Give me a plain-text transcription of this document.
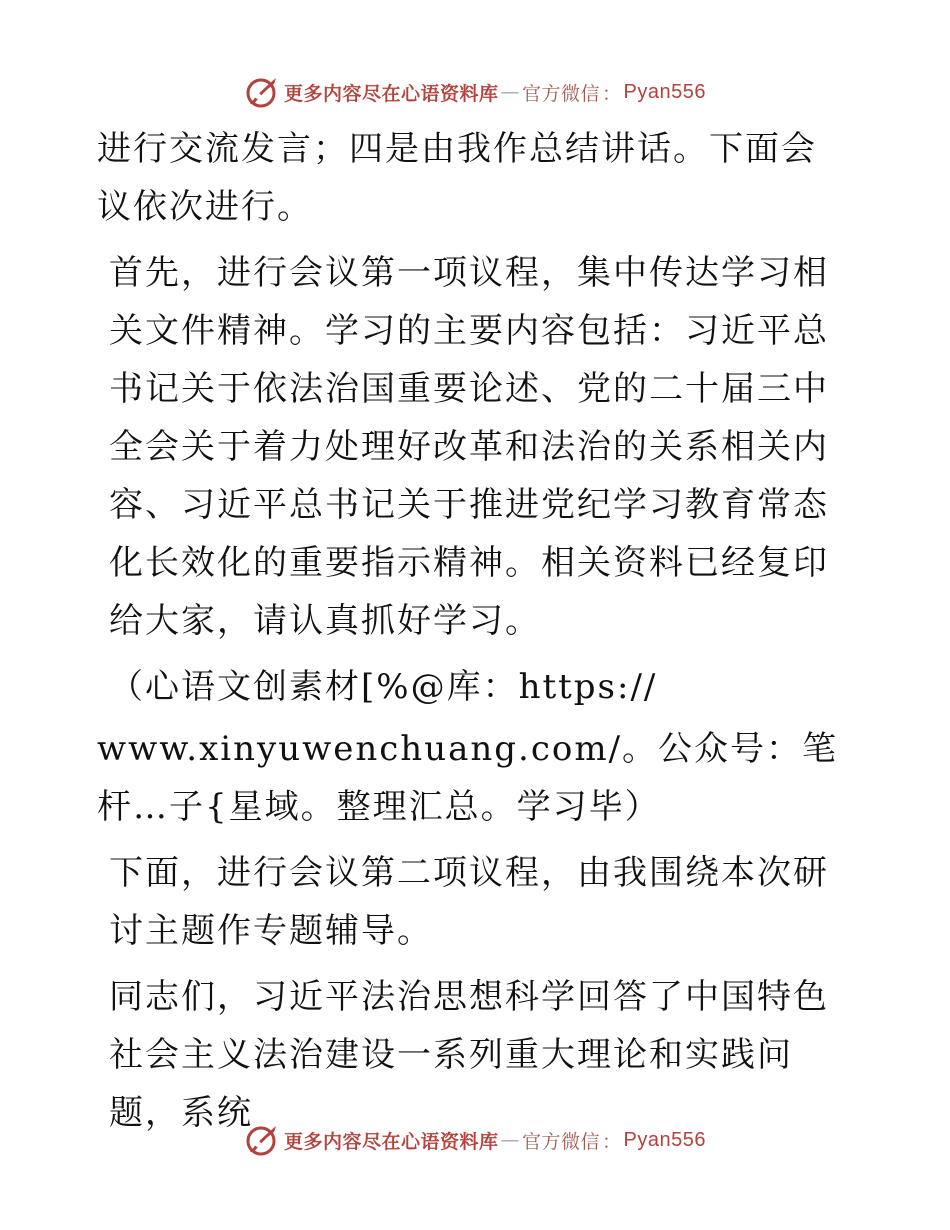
更多内容尽在心语资料库 — 官方微信 ： Pyan556

进行交流发言；四是由我作总结讲话。下面会议依次进行。

首先，进行会议第一项议程，集中传达学习相关文件精神。学习的主要内容包括：习近平总书记关于依法治国重要论述、党的二十届三中全会关于着力处理好改革和法治的关系相关内容、习近平总书记关于推进党纪学习教育常态化长效化的重要指示精神。相关资料已经复印给大家，请认真抓好学习。

（心语文创素材[%@库：https://

www.xinyuwenchuang.com/。公众号：笔杆…子{星域。整理汇总。学习毕）

下面，进行会议第二项议程，由我围绕本次研讨主题作专题辅导。

同志们，习近平法治思想科学回答了中国特色社会主义法治建设一系列重大理论和实践问题，系统

更多内容尽在心语资料库 — 官方微信 ： Pyan556
